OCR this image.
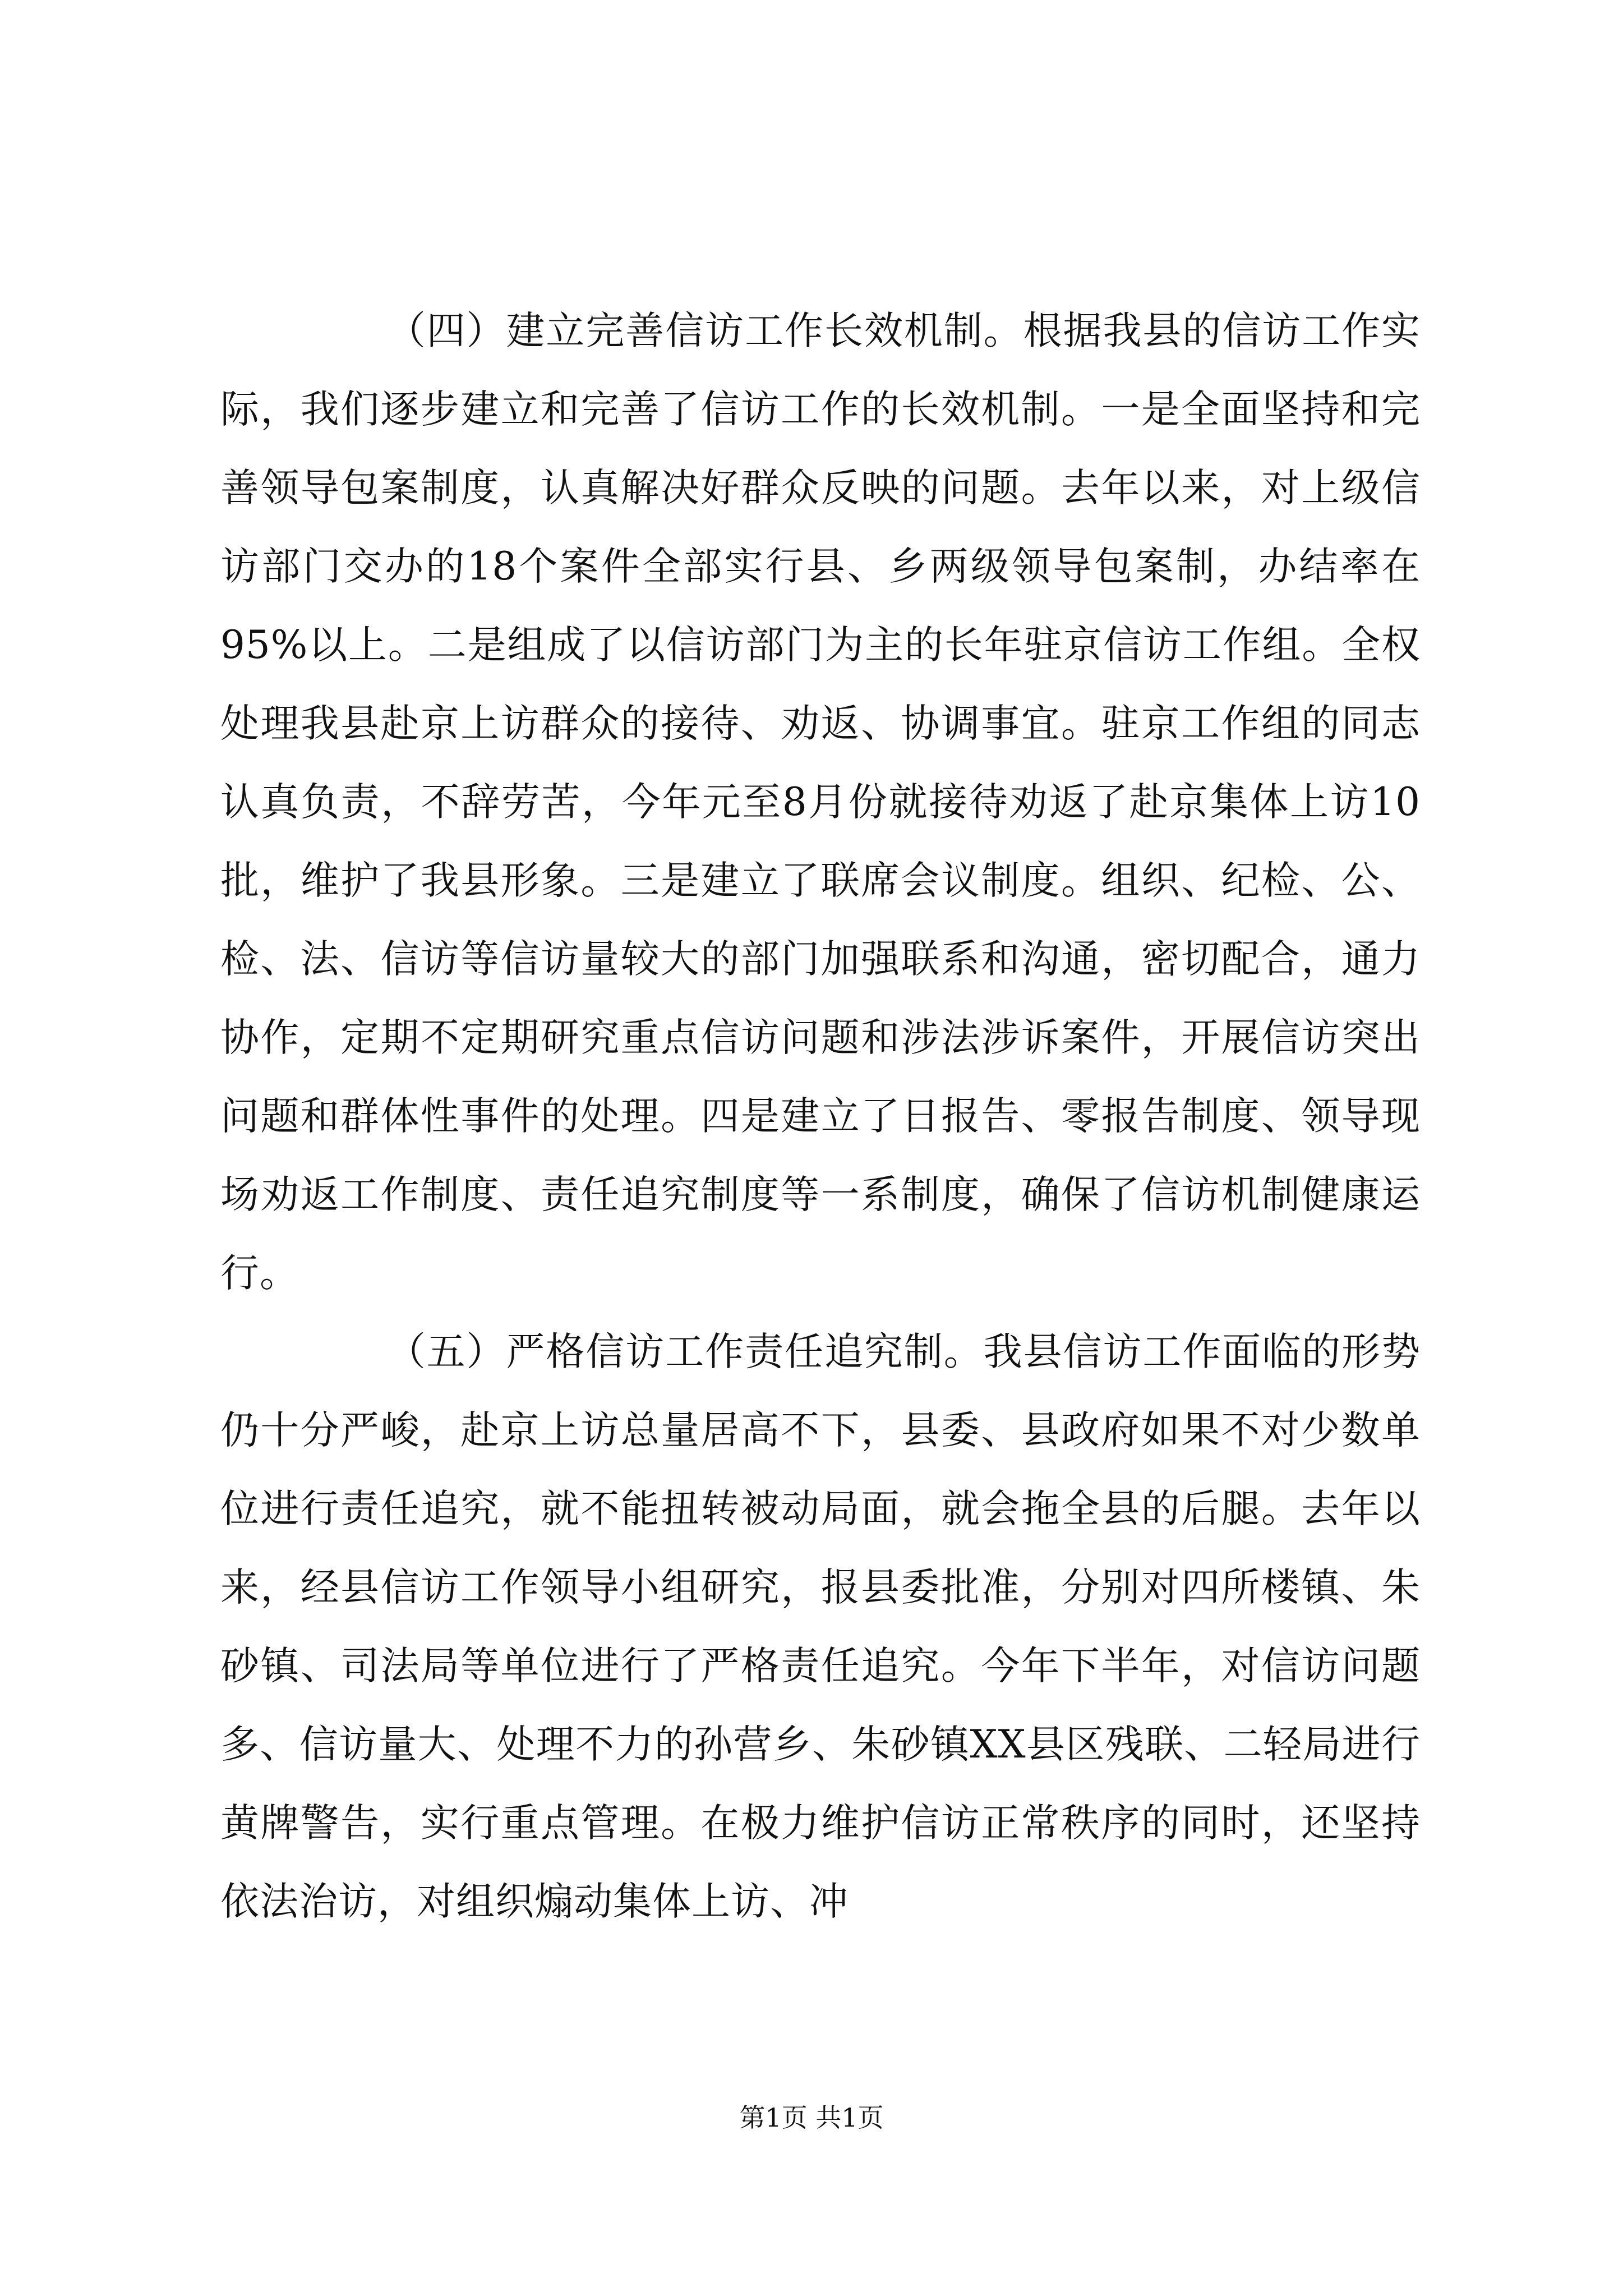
（四）建立完善信访工作长效机制。根据我县的信访工作实际，我们逐步建立和完善了信访工作的长效机制。一是全面坚持和完善领导包案制度，认真解决好群众反映的问题。去年以来，对上级信访部门交办的18个案件全部实行县、乡两级领导包案制，办结率在95%以上。二是组成了以信访部门为主的长年驻京信访工作组。全权处理我县赴京上访群众的接待、劝返、协调事宜。驻京工作组的同志认真负责，不辞劳苦，今年元至8月份就接待劝返了赴京集体上访10批，维护了我县形象。三是建立了联席会议制度。组织、纪检、公、检、法、信访等信访量较大的部门加强联系和沟通，密切配合，通力协作，定期不定期研究重点信访问题和涉法涉诉案件，开展信访突出问题和群体性事件的处理。四是建立了日报告、零报告制度、领导现场劝返工作制度、责任追究制度等一系制度，确保了信访机制健康运行。

（五）严格信访工作责任追究制。我县信访工作面临的形势仍十分严峻，赴京上访总量居高不下，县委、县政府如果不对少数单位进行责任追究，就不能扭转被动局面，就会拖全县的后腿。去年以来，经县信访工作领导小组研究，报县委批准，分别对四所楼镇、朱砂镇、司法局等单位进行了严格责任追究。今年下半年，对信访问题多、信访量大、处理不力的孙营乡、朱砂镇XX县区残联、二轻局进行黄牌警告，实行重点管理。在极力维护信访正常秩序的同时，还坚持依法治访，对组织煽动集体上访、冲

第1页 共1页
